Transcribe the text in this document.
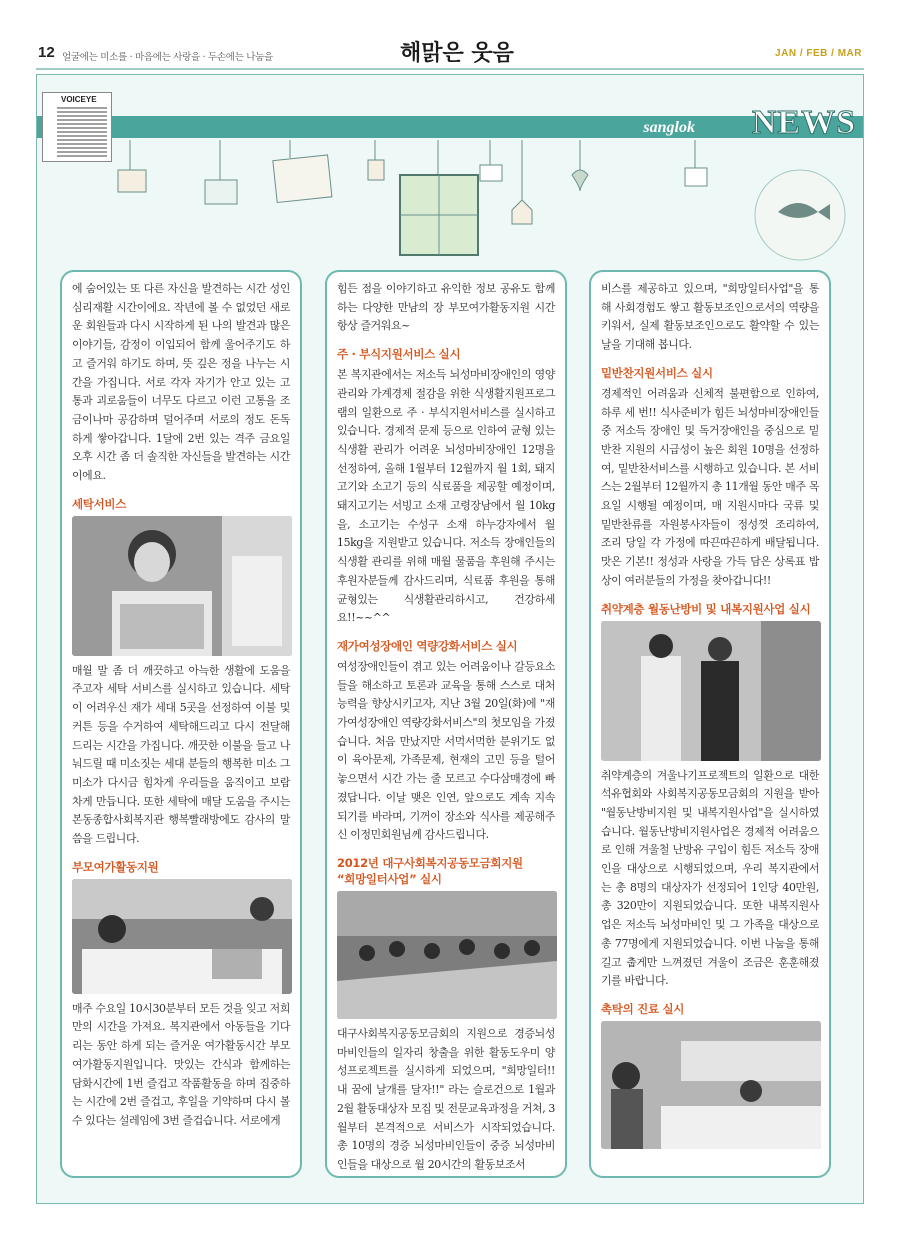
12 얼굴에는 미소를 · 마음에는 사랑을 · 두손에는 나눔을	해맑은 웃음	JAN / FEB / MAR
sanglok NEWS
VOICEYE

에 숨어있는 또 다른 자신을 발견하는 시간 성인심리재활 시간이에요. 작년에 볼 수 없었던 새로운 회원들과 다시 시작하게 된 나의 발견과 많은 이야기들, 감정이 이입되어 함께 울어주기도 하고 즐거워 하기도 하며, 뜻 깊은 정을 나누는 시간을 가집니다. 서로 각자 자기가 안고 있는 고통과 괴로움들이 너무도 다르고 이런 고통을 조금이나마 공감하며 덜어주며 서로의 정도 돈독하게 쌓아갑니다. 1달에 2번 있는 격주 금요일 오후 시간 좀 더 솔직한 자신들을 발견하는 시간이에요.

세탁서비스

매월 말 좀 더 깨끗하고 아늑한 생활에 도움을 주고자 세탁 서비스를 실시하고 있습니다. 세탁이 어려우신 재가 세대 5곳을 선정하여 이불 및 커튼 등을 수거하여 세탁해드리고 다시 전달해 드리는 시간을 가집니다. 깨끗한 이불을 들고 나눠드릴 때 미소짓는 세대 분들의 행복한 미소 그 미소가 다시금 힘차게 우리들을 움직이고 보람차게 만듭니다. 또한 세탁에 매달 도움을 주시는 본동종합사회복지관 행복빨래방에도 감사의 말씀을 드립니다.

부모여가활동지원

매주 수요일 10시30분부터 모든 것을 잊고 저희만의 시간을 가져요. 복지관에서 아동들을 기다리는 동안 하게 되는 즐거운 여가활동시간 부모여가활동지원입니다. 맛있는 간식과 함께하는 담화시간에 1번 즐겁고 작품활동을 하며 집중하는 시간에 2번 즐겁고, 후일을 기약하며 다시 볼 수 있다는 설레임에 3번 즐겁습니다. 서로에게

힘든 점을 이야기하고 유익한 정보 공유도 함께하는 다양한 만남의 장 부모여가활동지원 시간 항상 즐거워요~

주 · 부식지원서비스 실시

본 복지관에서는 저소득 뇌성마비장애인의 영양관리와 가계경제 절감을 위한 식생활지원프로그램의 일환으로 주 · 부식지원서비스를 실시하고 있습니다. 경제적 문제 등으로 인하여 균형 있는 식생활 관리가 어려운 뇌성마비장애인 12명을 선정하여, 올해 1월부터 12월까지 월 1회, 돼지고기와 소고기 등의 식료품을 제공할 예정이며, 돼지고기는 서빙고 소재 고령장남에서 월 10kg을, 소고기는 수성구 소재 하누강자에서 월 15kg을 지원받고 있습니다. 저소득 장애인들의 식생활 관리를 위해 매월 물품을 후원해 주시는 후원자분들께 감사드리며, 식료품 후원을 통해 균형있는 식생활관리하시고, 건강하세요!!~~^^

재가여성장애인 역량강화서비스 실시

여성장애인들이 겪고 있는 어려움이나 갈등요소들을 해소하고 토론과 교육을 통해 스스로 대처능력을 향상시키고자, 지난 3월 20일(화)에 "재가여성장애인 역량강화서비스"의 첫모임을 가졌습니다. 처음 만났지만 서먹서먹한 분위기도 없이 육아문제, 가족문제, 현재의 고민 등을 털어놓으면서 시간 가는 줄 모르고 수다삼매경에 빠졌답니다. 이날 맺은 인연, 앞으로도 계속 지속되기를 바라며, 기꺼이 장소와 식사를 제공해주신 이정민회원님께 감사드립니다.

2012년 대구사회복지공동모금회지원
“희망일터사업” 실시

대구사회복지공동모금회의 지원으로 경증뇌성마비인들의 일자리 창출을 위한 활동도우미 양성프로젝트를 실시하게 되었으며, "희망일터!! 내 꿈에 날개를 달자!!" 라는 슬로건으로 1월과 2월 활동대상자 모집 및 전문교육과정을 거쳐, 3월부터 본격적으로 서비스가 시작되었습니다. 총 10명의 경증 뇌성마비인들이 중증 뇌성마비인들을 대상으로 월 20시간의 활동보조서

비스를 제공하고 있으며, "희망일터사업"을 통해 사회경험도 쌓고 활동보조인으로서의 역량을 키워서, 실제 활동보조인으로도 활약할 수 있는 날을 기대해 봅니다.

밑반찬지원서비스 실시

경제적인 어려움과 신체적 불편함으로 인하여, 하루 세 번!! 식사준비가 힘든 뇌성마비장애인들 중 저소득 장애인 및 독거장애인을 중심으로 밑반찬 지원의 시급성이 높은 회원 10명을 선정하여, 밑반찬서비스를 시행하고 있습니다. 본 서비스는 2월부터 12월까지 총 11개월 동안 매주 목요일 시행될 예정이며, 매 지원시마다 국류 및 밑반찬류를 자원봉사자들이 정성껏 조리하여, 조리 당일 각 가정에 따끈따끈하게 배달됩니다. 맛은 기본!! 정성과 사랑을 가득 담은 상록표 밥상이 여러분들의 가정을 찾아갑니다!!

취약계층 월동난방비 및 내복지원사업 실시

취약계층의 겨울나기프로젝트의 일환으로 대한석유협회와 사회복지공동모금회의 지원을 받아 "월동난방비지원 및 내복지원사업"을 실시하였습니다. 월동난방비지원사업은 경제적 어려움으로 인해 겨울철 난방유 구입이 힘든 저소득 장애인을 대상으로 시행되었으며, 우리 복지관에서는 총 8명의 대상자가 선정되어 1인당 40만원, 총 320만이 지원되었습니다. 또한 내복지원사업은 저소득 뇌성마비인 및 그 가족을 대상으로 총 77명에게 지원되었습니다. 이번 나눔을 통해 길고 춥게만 느껴졌던 겨울이 조금은 훈훈해졌기를 바랍니다.

촉탁의 진료 실시
